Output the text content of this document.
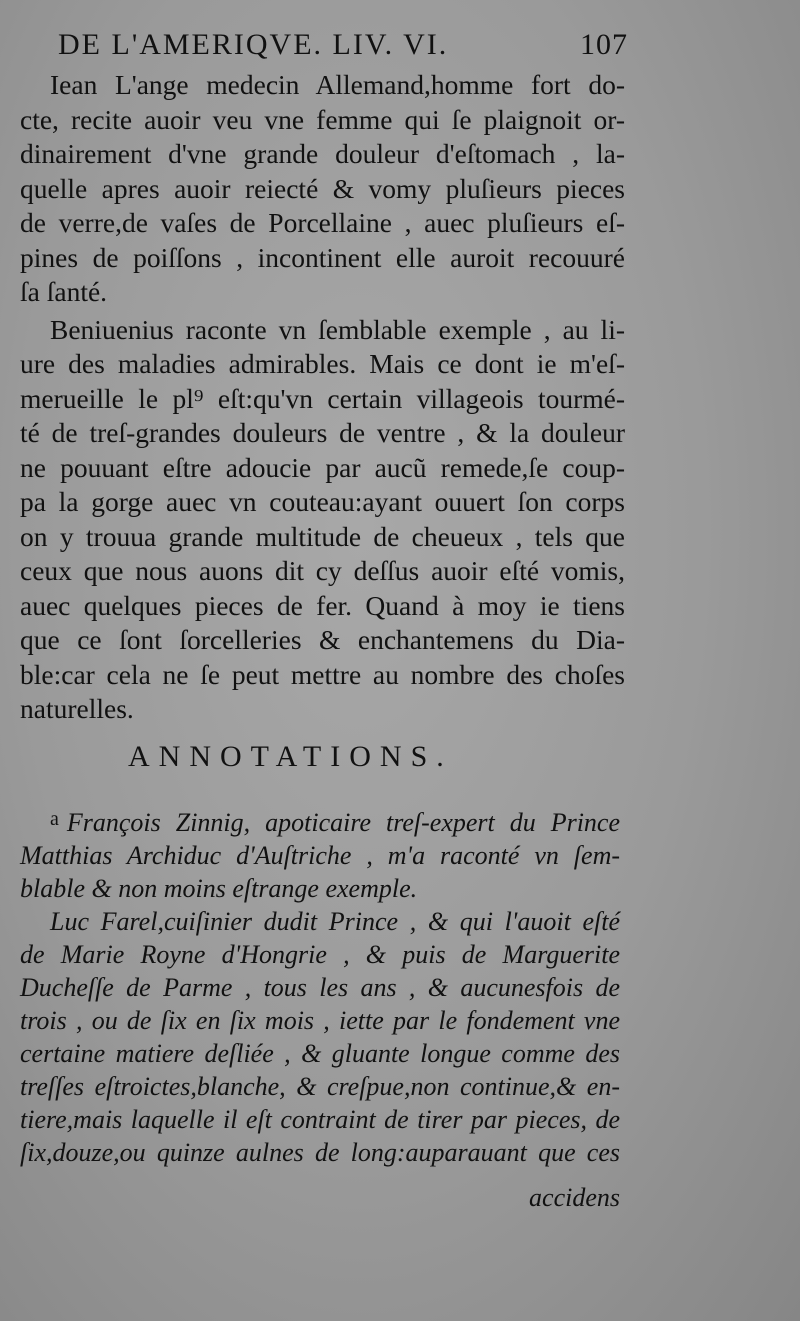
DE L'AMERIQVE. LIV. VI.	107
Iean L'ange medecin Allemand,homme fort do-
cte, recite auoir veu vne femme qui ſe plaignoit or-
dinairement d'vne grande douleur d'eſtomach , la-
quelle apres auoir reiecté & vomy pluſieurs pieces
de verre,de vaſes de Porcellaine , auec pluſieurs eſ-
pines de poiſſons , incontinent elle auroit recouuré
ſa ſanté.
Beniuenius raconte vn ſemblable exemple , au li-
ure des maladies admirables. Mais ce dont ie m'eſ-
merueille le pl⁹ eſt:qu'vn certain villageois tourmé-
té de treſ-grandes douleurs de ventre , & la douleur
ne pouuant eſtre adoucie par aucũ remede,ſe coup-
pa la gorge auec vn couteau:ayant ouuert ſon corps
on y trouua grande multitude de cheueux , tels que
ceux que nous auons dit cy deſſus auoir eſté vomis,
auec quelques pieces de fer. Quand à moy ie tiens
que ce ſont ſorcelleries & enchantemens du Dia-
ble:car cela ne ſe peut mettre au nombre des choſes
naturelles.
ANNOTATIONS.
$^a$ François Zinnig, apoticaire treſ-expert du Prince
Matthias Archiduc d'Auſtriche , m'a raconté vn ſem-
blable & non moins eſtrange exemple.
Luc Farel,cuiſinier dudit Prince , & qui l'auoit eſté
de Marie Royne d'Hongrie , & puis de Marguerite
Ducheſſe de Parme , tous les ans , & aucunesfois de
trois , ou de ſix en ſix mois , iette par le fondement vne
certaine matiere deſliée , & gluante longue comme des
treſſes eſtroictes,blanche, & creſpue,non continue,& en-
tiere,mais laquelle il eſt contraint de tirer par pieces, de
ſix,douze,ou quinze aulnes de long:auparauant que ces
accidens
